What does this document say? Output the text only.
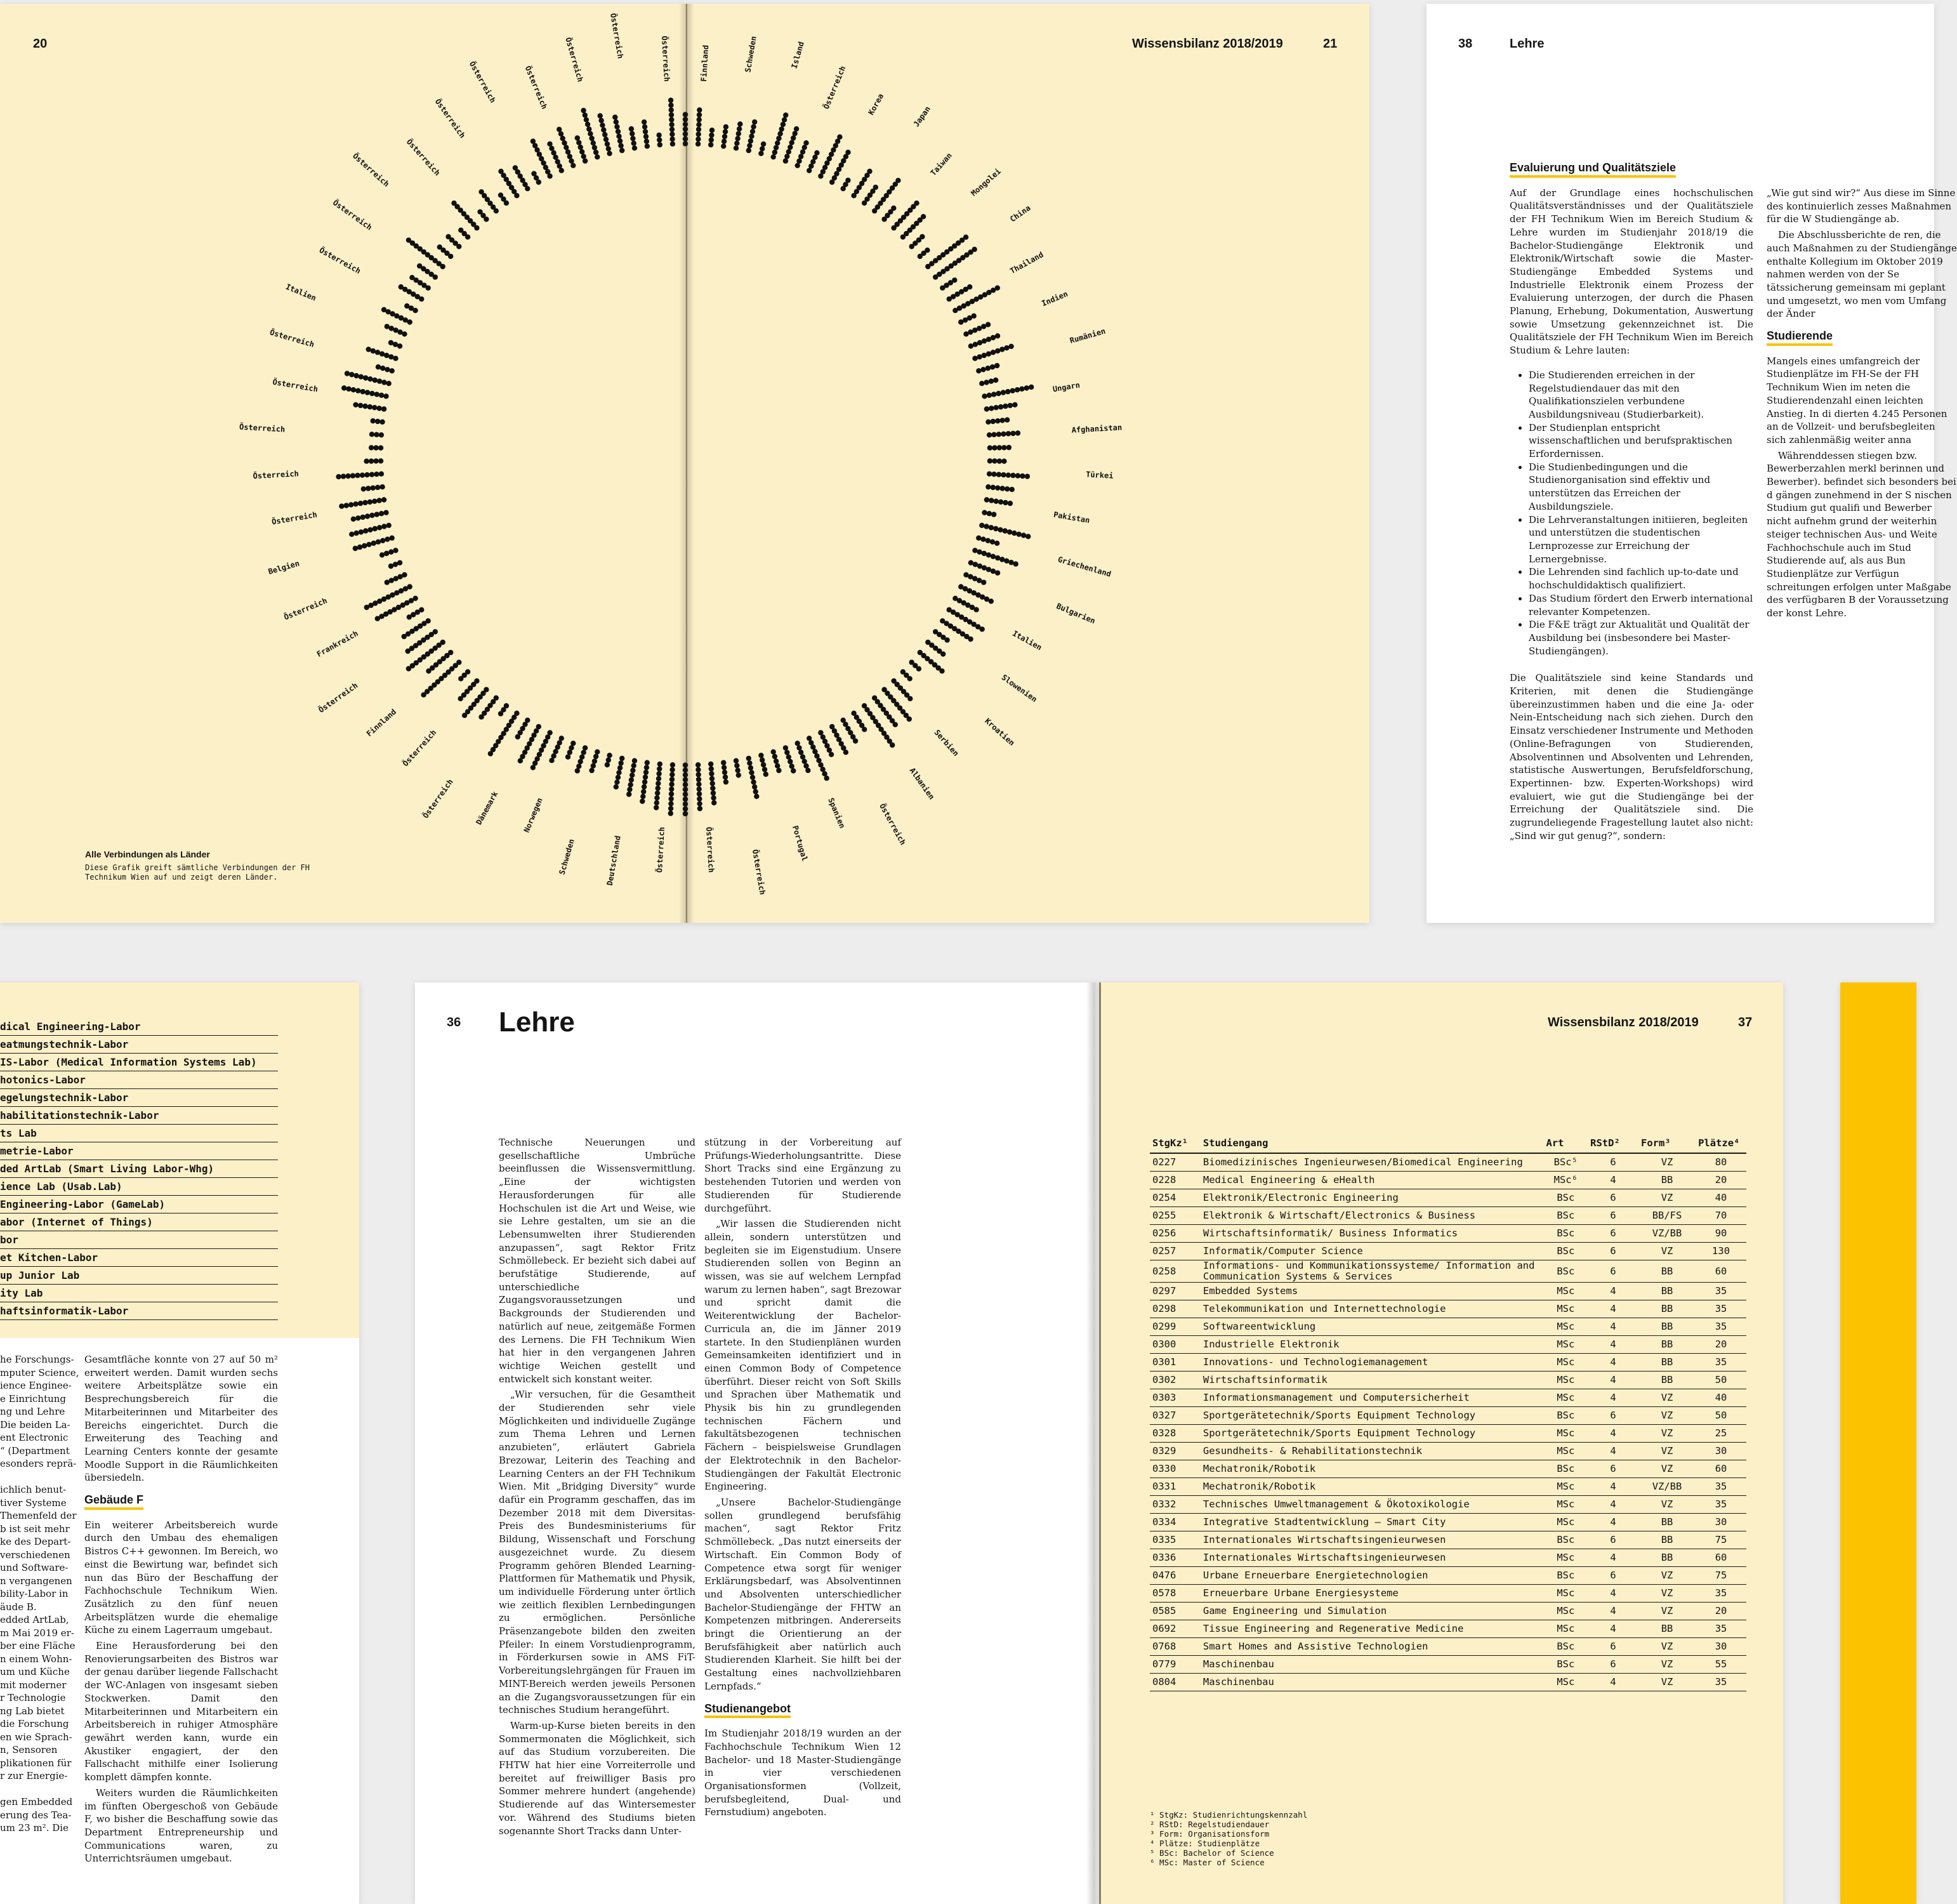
20	Wissensbilanz 2018/2019	21
Finnland	Schweden	Island
Österreich	Korea
Japan
Taiwan
Mongolei
China
Thailand
Indien
Rumänien
Ungarn
Afghanistan
Türkei
Pakistan
Griechenland
Bulgarien
Italien
Slowenien
Kroatien
Serbien
Albanien
Österreich
Spanien
Portugal
Österreich
Österreich
Österreich
Deutschland
Schweden
Norwegen
Dänemark
Österreich
Österreich
Finnland
Österreich
Frankreich
Österreich
Belgien
Österreich
Österreich
Österreich
Österreich
Österreich
Italien
Österreich
Österreich
Österreich Österreich
Österreich
Österreich	Österreich
Österreich
Österreich	Österreich
Alle Verbindungen als Länder
Diese Grafik greift sämtliche Verbindungen der FH Technikum Wien auf und zeigt deren Länder.
38	Lehre
Evaluierung und Qualitätsziele

Auf der Grundlage eines hochschulischen Qualitätsverständnisses und der Qualitätsziele der FH Technikum Wien im Bereich Studium & Lehre wurden im Studienjahr 2018/19 die Bachelor-Studiengänge Elektronik und Elektronik/Wirtschaft sowie die Master-Studiengänge Embedded Systems und Industrielle Elektronik einem Prozess der Evaluierung unterzogen, der durch die Phasen Planung, Erhebung, Dokumentation, Auswertung sowie Umsetzung gekennzeichnet ist. Die Qualitätsziele der FH Technikum Wien im Bereich Studium & Lehre lauten:

• Die Studierenden erreichen in der Regelstudiendauer das mit den Qualifikationszielen verbundene Ausbildungsniveau (Studierbarkeit).
• Der Studienplan entspricht wissenschaftlichen und berufspraktischen Erfordernissen.
• Die Studienbedingungen und die Studienorganisation sind effektiv und unterstützen das Erreichen der Ausbildungsziele.
• Die Lehrveranstaltungen initiieren, begleiten und unterstützen die studentischen Lernprozesse zur Erreichung der Lernergebnisse.
• Die Lehrenden sind fachlich up-to-date und hochschuldidaktisch qualifiziert.
• Das Studium fördert den Erwerb international relevanter Kompetenzen.
• Die F&E trägt zur Aktualität und Qualität der Ausbildung bei (insbesondere bei Master-Studiengängen).

Die Qualitätsziele sind keine Standards und Kriterien, mit denen die Studiengänge übereinzustimmen haben und die eine Ja- oder Nein-Entscheidung nach sich ziehen. Durch den Einsatz verschiedener Instrumente und Methoden (Online-Befragungen von Studierenden, Absolventinnen und Absolventen und Lehrenden, statistische Auswertungen, Berufsfeldforschung, Expertinnen- bzw. Experten-Workshops) wird evaluiert, wie gut die Studiengänge bei der Erreichung der Qualitätsziele sind. Die zugrundeliegende Fragestellung lautet also nicht: „Sind wir gut genug?“, sondern:

„Wie gut sind wir?“ Aus diese im Sinne des kontinuierlich zesses Maßnahmen für die W Studiengänge ab.

Die Abschlussberichte de ren, die auch Maßnahmen zu der Studiengänge enthalte Kollegium im Oktober 2019 nahmen werden von der Se tätssicherung gemeinsam mi geplant und umgesetzt, wo men vom Umfang der Änder

Studierende

Mangels eines umfangreich der Studienplätze im FH-Se der FH Technikum Wien im neten die Studierendenzahl einen leichten Anstieg. In di dierten 4.245 Personen an de Vollzeit- und berufsbegleiten sich zahlenmäßig weiter anna

Währenddessen stiegen bzw. Bewerberzahlen merkl berinnen und Bewerber). befindet sich besonders bei d gängen zunehmend in der S nischen Studium gut qualifi und Bewerber nicht aufnehm grund der weiterhin steiger technischen Aus- und Weite Fachhochschule auch im Stud Studierende auf, als aus Bun Studienplätze zur Verfügun schreitungen erfolgen unter Maßgabe des verfügbaren B der Voraussetzung der konst Lehre.

dical Engineering-Labor
eatmungstechnik-Labor
IS-Labor (Medical Information Systems Lab)
hotonics-Labor
egelungstechnik-Labor
habilitationstechnik-Labor
ts Lab
metrie-Labor
ded ArtLab (Smart Living Labor-Whg)
ience Lab (Usab.Lab)
Engineering-Labor (GameLab)
abor (Internet of Things)
bor
et Kitchen-Labor
up Junior Lab
ity Lab
haftsinformatik-Labor
he Forschungs-
mputer Science,
ience Enginee-
e Einrichtung
ng und Lehre
Die beiden La-
ent Electronic
“ (Department
esonders reprä-
ichlich benut-
tiver Systeme
Themenfeld der
b ist seit mehr
ke des Depart-
verschiedenen
und Software-
n vergangenen
bility-Labor in
äude B.
edded ArtLab,
m Mai 2019 er-
ber eine Fläche
n einem Wohn-
um und Küche
mit moderner
r Technologie
ng Lab bietet
die Forschung
en wie Sprach-
n, Sensoren
plikationen für
r zur Energie-
gen Embedded
erung des Tea-
um 23 m². Die

Gesamtfläche konnte von 27 auf 50 m² erweitert werden. Damit wurden sechs weitere Arbeitsplätze sowie ein Besprechungsbereich für die Mitarbeiterinnen und Mitarbeiter des Bereichs eingerichtet. Durch die Erweiterung des Teaching and Learning Centers konnte der gesamte Moodle Support in die Räumlichkeiten übersiedeln.

Gebäude F

Ein weiterer Arbeitsbereich wurde durch den Umbau des ehemaligen Bistros C++ gewonnen. Im Bereich, wo einst die Bewirtung war, befindet sich nun das Büro der Beschaffung der Fachhochschule Technikum Wien. Zusätzlich zu den fünf neuen Arbeitsplätzen wurde die ehemalige Küche zu einem Lagerraum umgebaut.

Eine Herausforderung bei den Renovierungsarbeiten des Bistros war der genau darüber liegende Fallschacht der WC-Anlagen von insgesamt sieben Stockwerken. Damit den Mitarbeiterinnen und Mitarbeitern ein Arbeitsbereich in ruhiger Atmosphäre gewährt werden kann, wurde ein Akustiker engagiert, der den Fallschacht mithilfe einer Isolierung komplett dämpfen konnte.

Weiters wurden die Räumlichkeiten im fünften Obergeschoß von Gebäude F, wo bisher die Beschaffung sowie das Department Entrepreneurship und Communications waren, zu Unterrichtsräumen umgebaut.

36 Lehre

Technische Neuerungen und gesellschaftliche Umbrüche beeinflussen die Wissensvermittlung. „Eine der wichtigsten Herausforderungen für alle Hochschulen ist die Art und Weise, wie sie Lehre gestalten, um sie an die Lebensumwelten ihrer Studierenden anzupassen“, sagt Rektor Fritz Schmöllebeck. Er bezieht sich dabei auf berufstätige Studierende, auf unterschiedliche Zugangsvoraussetzungen und Backgrounds der Studierenden und natürlich auf neue, zeitgemäße Formen des Lernens. Die FH Technikum Wien hat hier in den vergangenen Jahren wichtige Weichen gestellt und entwickelt sich konstant weiter.

„Wir versuchen, für die Gesamtheit der Studierenden sehr viele Möglichkeiten und individuelle Zugänge zum Thema Lehren und Lernen anzubieten“, erläutert Gabriela Brezowar, Leiterin des Teaching and Learning Centers an der FH Technikum Wien. Mit „Bridging Diversity“ wurde dafür ein Programm geschaffen, das im Dezember 2018 mit dem Diversitas-Preis des Bundesministeriums für Bildung, Wissenschaft und Forschung ausgezeichnet wurde. Zu diesem Programm gehören Blended Learning-Plattformen für Mathematik und Physik, um individuelle Förderung unter örtlich wie zeitlich flexiblen Lernbedingungen zu ermöglichen. Persönliche Präsenzangebote bilden den zweiten Pfeiler: In einem Vorstudienprogramm, in Förderkursen sowie in AMS FiT-Vorbereitungslehrgängen für Frauen im MINT-Bereich werden jeweils Personen an die Zugangsvoraussetzungen für ein technisches Studium herangeführt.

Warm-up-Kurse bieten bereits in den Sommermonaten die Möglichkeit, sich auf das Studium vorzubereiten. Die FHTW hat hier eine Vorreiterrolle und bereitet auf freiwilliger Basis pro Sommer mehrere hundert (angehende) Studierende auf das Wintersemester vor. Während des Studiums bieten sogenannte Short Tracks dann Unter-

stützung in der Vorbereitung auf Prüfungs-Wiederholungsantritte. Diese Short Tracks sind eine Ergänzung zu bestehenden Tutorien und werden von Studierenden für Studierende durchgeführt.

„Wir lassen die Studierenden nicht allein, sondern unterstützen und begleiten sie im Eigenstudium. Unsere Studierenden sollen von Beginn an wissen, was sie auf welchem Lernpfad warum zu lernen haben“, sagt Brezowar und spricht damit die Weiterentwicklung der Bachelor-Curricula an, die im Jänner 2019 startete. In den Studienplänen wurden Gemeinsamkeiten identifiziert und in einen Common Body of Competence überführt. Dieser reicht von Soft Skills und Sprachen über Mathematik und Physik bis hin zu grundlegenden technischen Fächern und fakultätsbezogenen technischen Fächern – beispielsweise Grundlagen der Elektrotechnik in den Bachelor-Studiengängen der Fakultät Electronic Engineering.

„Unsere Bachelor-Studiengänge sollen grundlegend berufsfähig machen“, sagt Rektor Fritz Schmöllebeck. „Das nutzt einerseits der Wirtschaft. Ein Common Body of Competence etwa sorgt für weniger Erklärungsbedarf, was Absolventinnen und Absolventen unterschiedlicher Bachelor-Studiengänge der FHTW an Kompetenzen mitbringen. Andererseits bringt die Orientierung an der Berufsfähigkeit aber natürlich auch Studierenden Klarheit. Sie hilft bei der Gestaltung eines nachvollziehbaren Lernpfads.“

Studienangebot

Im Studienjahr 2018/19 wurden an der Fachhochschule Technikum Wien 12 Bachelor- und 18 Master-Studiengänge in vier verschiedenen Organisationsformen (Vollzeit, berufsbegleitend, Dual- und Fernstudium) angeboten.

Wissensbilanz 2018/2019	37
StgKz¹	Studiengang	Art	RStD²	Form³	Plätze⁴
0227	Biomedizinisches Ingenieurwesen/Biomedical Engineering	BSc⁵	6	VZ	80
0228	Medical Engineering & eHealth	MSc⁶	4	BB	20
0254	Elektronik/Electronic Engineering	BSc	6	VZ	40
0255	Elektronik & Wirtschaft/Electronics & Business	BSc	6	BB/FS	70
0256	Wirtschaftsinformatik/ Business Informatics	BSc	6	VZ/BB	90
0257	Informatik/Computer Science	BSc	6	VZ	130
0258	Informations- und Kommunikationssysteme/ Information and Communication Systems & Services	BSc	6	BB	60
0297	Embedded Systems	MSc	4	BB	35
0298	Telekommunikation und Internettechnologie	MSc	4	BB	35
0299	Softwareentwicklung	MSc	4	BB	35
0300	Industrielle Elektronik	MSc	4	BB	20
0301	Innovations- und Technologiemanagement	MSc	4	BB	35
0302	Wirtschaftsinformatik	MSc	4	BB	50
0303	Informationsmanagement und Computersicherheit	MSc	4	VZ	40
0327	Sportgerätetechnik/Sports Equipment Technology	BSc	6	VZ	50
0328	Sportgerätetechnik/Sports Equipment Technology	MSc	4	VZ	25
0329	Gesundheits- & Rehabilitationstechnik	MSc	4	VZ	30
0330	Mechatronik/Robotik	BSc	6	VZ	60
0331	Mechatronik/Robotik	MSc	4	VZ/BB	35
0332	Technisches Umweltmanagement & Ökotoxikologie	MSc	4	VZ	35
0334	Integrative Stadtentwicklung – Smart City	MSc	4	BB	30
0335	Internationales Wirtschaftsingenieurwesen	BSc	6	BB	75
0336	Internationales Wirtschaftsingenieurwesen	MSc	4	BB	60
0476	Urbane Erneuerbare Energietechnologien	BSc	6	VZ	75
0578	Erneuerbare Urbane Energiesysteme	MSc	4	VZ	35
0585	Game Engineering und Simulation	MSc	4	VZ	20
0692	Tissue Engineering and Regenerative Medicine	MSc	4	BB	35
0768	Smart Homes and Assistive Technologien	BSc	6	VZ	30
0779	Maschinenbau	BSc	6	VZ	55
0804	Maschinenbau	MSc	4	VZ	35
¹ StgKz: Studienrichtungskennzahl
² RStD: Regelstudiendauer
³ Form: Organisationsform
⁴ Plätze: Studienplätze
⁵ BSc: Bachelor of Science
⁶ MSc: Master of Science
